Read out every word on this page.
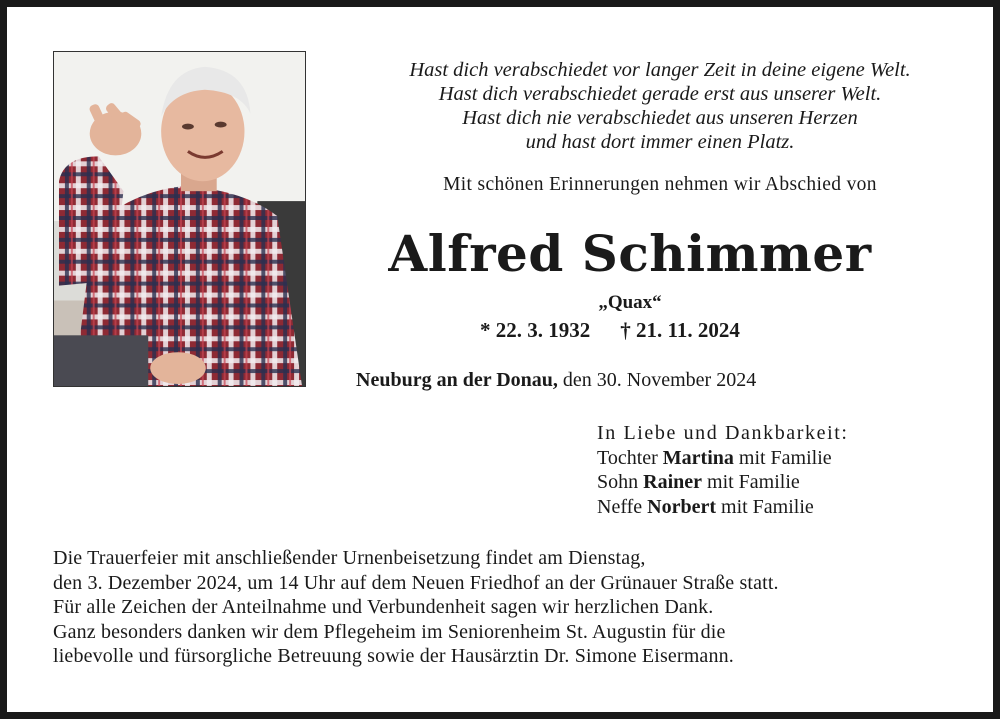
Hast dich verabschiedet vor langer Zeit in deine eigene Welt.
Hast dich verabschiedet gerade erst aus unserer Welt.
Hast dich nie verabschiedet aus unseren Herzen
und hast dort immer einen Platz.
Mit schönen Erinnerungen nehmen wir Abschied von
Alfred Schimmer
„Quax“
* 22. 3. 1932 † 21. 11. 2024
Neuburg an der Donau, den 30. November 2024
In Liebe und Dankbarkeit:
Tochter Martina mit Familie
Sohn Rainer mit Familie
Neffe Norbert mit Familie
Die Trauerfeier mit anschließender Urnenbeisetzung findet am Dienstag,
den 3. Dezember 2024, um 14 Uhr auf dem Neuen Friedhof an der Grünauer Straße statt.
Für alle Zeichen der Anteilnahme und Verbundenheit sagen wir herzlichen Dank.
Ganz besonders danken wir dem Pflegeheim im Seniorenheim St. Augustin für die
liebevolle und fürsorgliche Betreuung sowie der Hausärztin Dr. Simone Eisermann.
